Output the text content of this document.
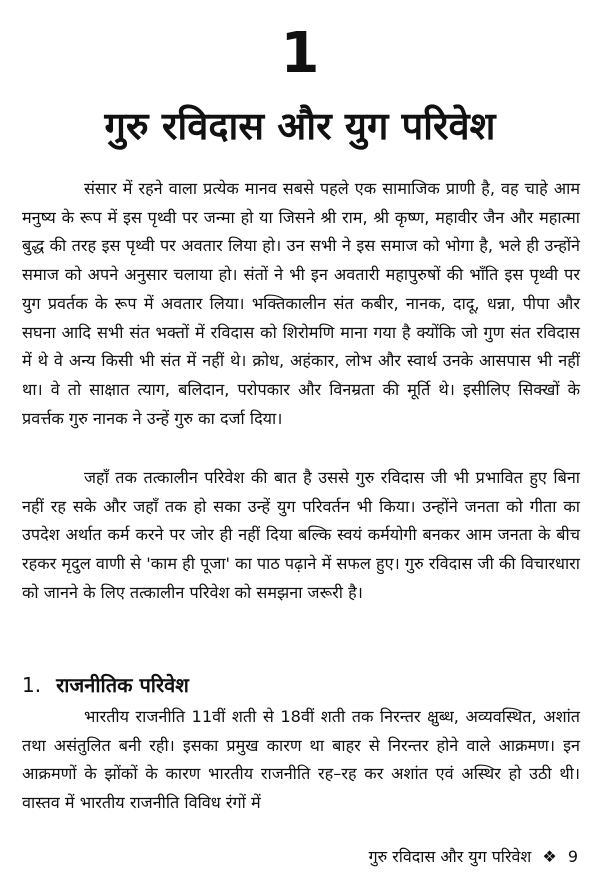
1
गुरु रविदास और युग परिवेश

संसार में रहने वाला प्रत्येक मानव सबसे पहले एक सामाजिक प्राणी है, वह चाहे आम मनुष्य के रूप में इस पृथ्वी पर जन्मा हो या जिसने श्री राम, श्री कृष्ण, महावीर जैन और महात्मा बुद्ध की तरह इस पृथ्वी पर अवतार लिया हो। उन सभी ने इस समाज को भोगा है, भले ही उन्होंने समाज को अपने अनुसार चलाया हो। संतों ने भी इन अवतारी महापुरुषों की भाँति इस पृथ्वी पर युग प्रवर्तक के रूप में अवतार लिया। भक्तिकालीन संत कबीर, नानक, दादू, धन्ना, पीपा और सघना आदि सभी संत भक्तों में रविदास को शिरोमणि माना गया है क्योंकि जो गुण संत रविदास में थे वे अन्य किसी भी संत में नहीं थे। क्रोध, अहंकार, लोभ और स्वार्थ उनके आसपास भी नहीं था। वे तो साक्षात त्याग, बलिदान, परोपकार और विनम्रता की मूर्ति थे। इसीलिए सिक्खों के प्रवर्त्तक गुरु नानक ने उन्हें गुरु का दर्जा दिया।

जहाँ तक तत्कालीन परिवेश की बात है उससे गुरु रविदास जी भी प्रभावित हुए बिना नहीं रह सके और जहाँ तक हो सका उन्हें युग परिवर्तन भी किया। उन्होंने जनता को गीता का उपदेश अर्थात कर्म करने पर जोर ही नहीं दिया बल्कि स्वयं कर्मयोगी बनकर आम जनता के बीच रहकर मृदुल वाणी से 'काम ही पूजा' का पाठ पढ़ाने में सफल हुए। गुरु रविदास जी की विचारधारा को जानने के लिए तत्कालीन परिवेश को समझना जरूरी है।

1. राजनीतिक परिवेश

भारतीय राजनीति 11वीं शती से 18वीं शती तक निरन्तर क्षुब्ध, अव्यवस्थित, अशांत तथा असंतुलित बनी रही। इसका प्रमुख कारण था बाहर से निरन्तर होने वाले आक्रमण। इन आक्रमणों के झोंकों के कारण भारतीय राजनीति रह–रह कर अशांत एवं अस्थिर हो उठी थी। वास्तव में भारतीय राजनीति विविध रंगों में

गुरु रविदास और युग परिवेश ❖ 9
